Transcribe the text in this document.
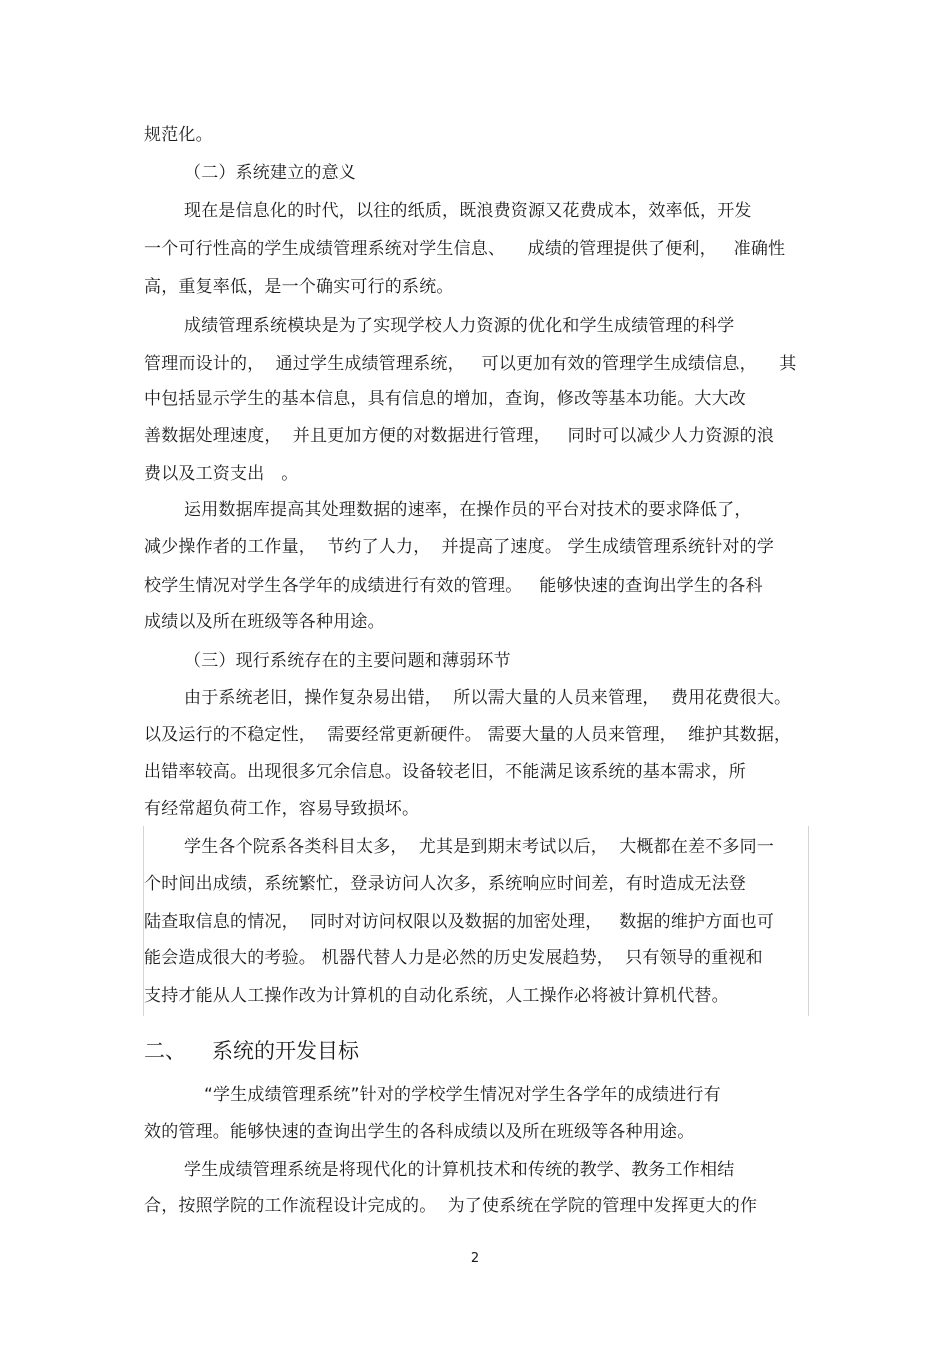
规范化。

（二）系统建立的意义

现在是信息化的时代，以往的纸质，既浪费资源又花费成本，效率低，开发

一个可行性高的学生成绩管理系统对学生信息、    成绩的管理提供了便利，   准确性

高，重复率低，是一个确实可行的系统。

成绩管理系统模块是为了实现学校人力资源的优化和学生成绩管理的科学

管理而设计的，  通过学生成绩管理系统，   可以更加有效的管理学生成绩信息，    其

中包括显示学生的基本信息，具有信息的增加，查询，修改等基本功能。大大改

善数据处理速度，  并且更加方便的对数据进行管理，   同时可以减少人力资源的浪

费以及工资支出   。

运用数据库提高其处理数据的速率，在操作员的平台对技术的要求降低了，

减少操作者的工作量，  节约了人力，  并提高了速度。 学生成绩管理系统针对的学

校学生情况对学生各学年的成绩进行有效的管理。   能够快速的查询出学生的各科

成绩以及所在班级等各种用途。

（三）现行系统存在的主要问题和薄弱环节

由于系统老旧，操作复杂易出错，  所以需大量的人员来管理，  费用花费很大。

以及运行的不稳定性，  需要经常更新硬件。 需要大量的人员来管理，  维护其数据，

出错率较高。出现很多冗余信息。设备较老旧，不能满足该系统的基本需求，所

有经常超负荷工作，容易导致损坏。

学生各个院系各类科目太多，  尤其是到期末考试以后，  大概都在差不多同一

个时间出成绩，系统繁忙，登录访问人次多，系统响应时间差，有时造成无法登

陆查取信息的情况，  同时对访问权限以及数据的加密处理，   数据的维护方面也可

能会造成很大的考验。 机器代替人力是必然的历史发展趋势，  只有领导的重视和

支持才能从人工操作改为计算机的自动化系统，人工操作必将被计算机代替。

二、 系统的开发目标

“学生成绩管理系统”针对的学校学生情况对学生各学年的成绩进行有

效的管理。能够快速的查询出学生的各科成绩以及所在班级等各种用途。

学生成绩管理系统是将现代化的计算机技术和传统的教学、教务工作相结

合，按照学院的工作流程设计完成的。  为了使系统在学院的管理中发挥更大的作

2
